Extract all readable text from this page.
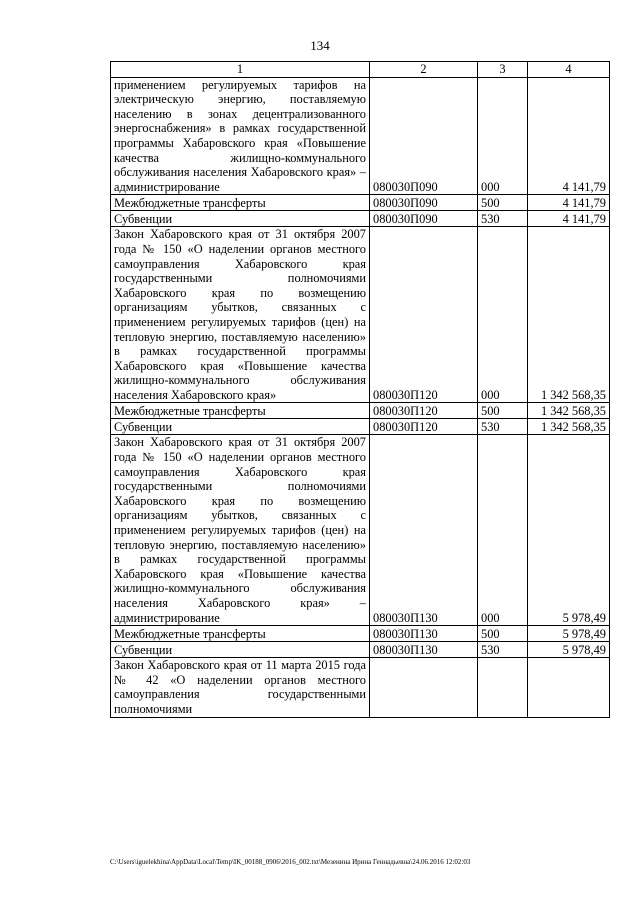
134
1	2	3	4
применением регулируемых тарифов на электрическую энергию, поставляемую населению в зонах децентрализованного энергоснабжения» в рамках государственной программы Хабаровского края «Повышение качества жилищно-коммунального обслуживания населения Хабаровского края» – администрирование	080030П090	000	4 141,79
Межбюджетные трансферты	080030П090	500	4 141,79
Субвенции	080030П090	530	4 141,79
Закон Хабаровского края от 31 октября 2007 года № 150 «О наделении органов местного самоуправления Хабаровского края государственными полномочиями Хабаровского края по возмещению организациям убытков, связанных с применением регулируемых тарифов (цен) на тепловую энергию, поставляемую населению» в рамках государственной программы Хабаровского края «Повышение качества жилищно-коммунального обслуживания населения Хабаровского края»	080030П120	000	1 342 568,35
Межбюджетные трансферты	080030П120	500	1 342 568,35
Субвенции	080030П120	530	1 342 568,35
Закон Хабаровского края от 31 октября 2007 года № 150 «О наделении органов местного самоуправления Хабаровского края государственными полномочиями Хабаровского края по возмещению организациям убытков, связанных с применением регулируемых тарифов (цен) на тепловую энергию, поставляемую населению» в рамках государственной программы Хабаровского края «Повышение качества жилищно-коммунального обслуживания населения Хабаровского края» – администрирование	080030П130	000	5 978,49
Межбюджетные трансферты	080030П130	500	5 978,49
Субвенции	080030П130	530	5 978,49
Закон Хабаровского края от 11 марта 2015 года № 42 «О наделении органов местного самоуправления государственными полномочиями			
C:\Users\iguelekhina\AppData\Local\Temp\IK_00188_0906\2016_002.txt\Мезенина Ирина Геннадьевна\24.06.2016 12:02:03
